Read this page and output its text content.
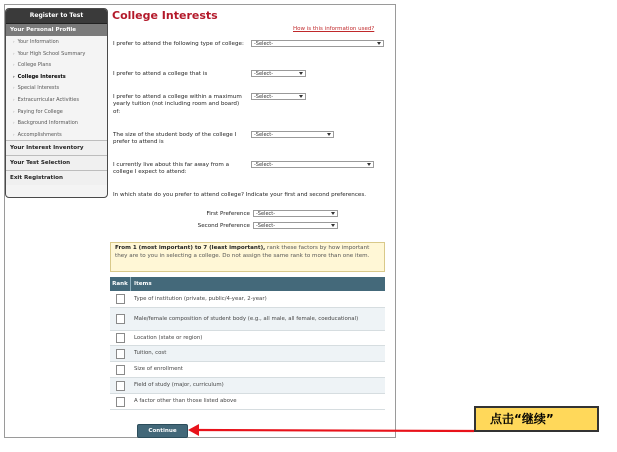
Register to Test
Your Personal Profile
› Your Information
› Your High School Summary
› College Plans
› College Interests
› Special Interests
› Extracurricular Activities
› Paying for College
› Background Information
› Accomplishments
Your Interest Inventory
Your Test Selection
Exit Registration
College Interests
How is this information used?
I prefer to attend the following type of college:	-Select-
I prefer to attend a college that is	-Select-
I prefer to attend a college within a maximum yearly tuition (not including room and board) of:
-Select-
The size of the student body of the college I prefer to attend is
-Select-
I currently live about this far away from a college I expect to attend:
-Select-
In which state do you prefer to attend college? Indicate your first and second preferences.
First Preference	-Select-
Second Preference	-Select-
From 1 (most important) to 7 (least important), rank these factors by how important they are to you in selecting a college. Do not assign the same rank to more than one item.
Rank	Items
Type of institution (private, public/4-year, 2-year)
Male/female composition of student body (e.g., all male, all female, coeducational)
Location (state or region)
Tuition, cost
Size of enrollment
Field of study (major, curriculum)
A factor other than those listed above
Continue
点击“继续”
